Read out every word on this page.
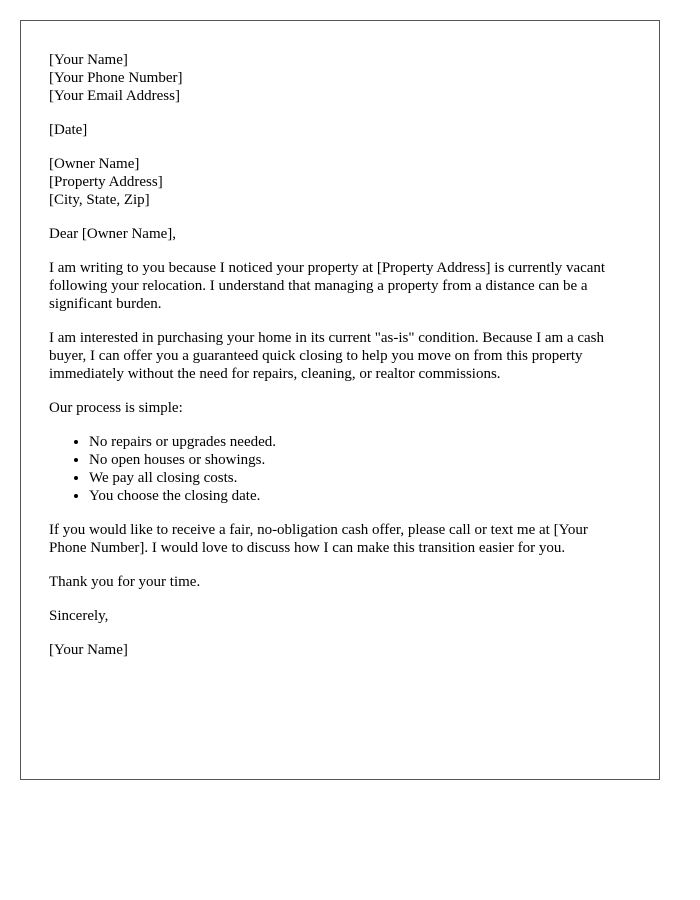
[Your Name]
[Your Phone Number]
[Your Email Address]
[Date]
[Owner Name]
[Property Address]
[City, State, Zip]

Dear [Owner Name],

I am writing to you because I noticed your property at [Property Address] is currently vacant following your relocation. I understand that managing a property from a distance can be a significant burden.

I am interested in purchasing your home in its current "as-is" condition. Because I am a cash buyer, I can offer you a guaranteed quick closing to help you move on from this property immediately without the need for repairs, cleaning, or realtor commissions.

Our process is simple:

• No repairs or upgrades needed.
• No open houses or showings.
• We pay all closing costs.
• You choose the closing date.

If you would like to receive a fair, no-obligation cash offer, please call or text me at [Your Phone Number]. I would love to discuss how I can make this transition easier for you.

Thank you for your time.

Sincerely,

[Your Name]
